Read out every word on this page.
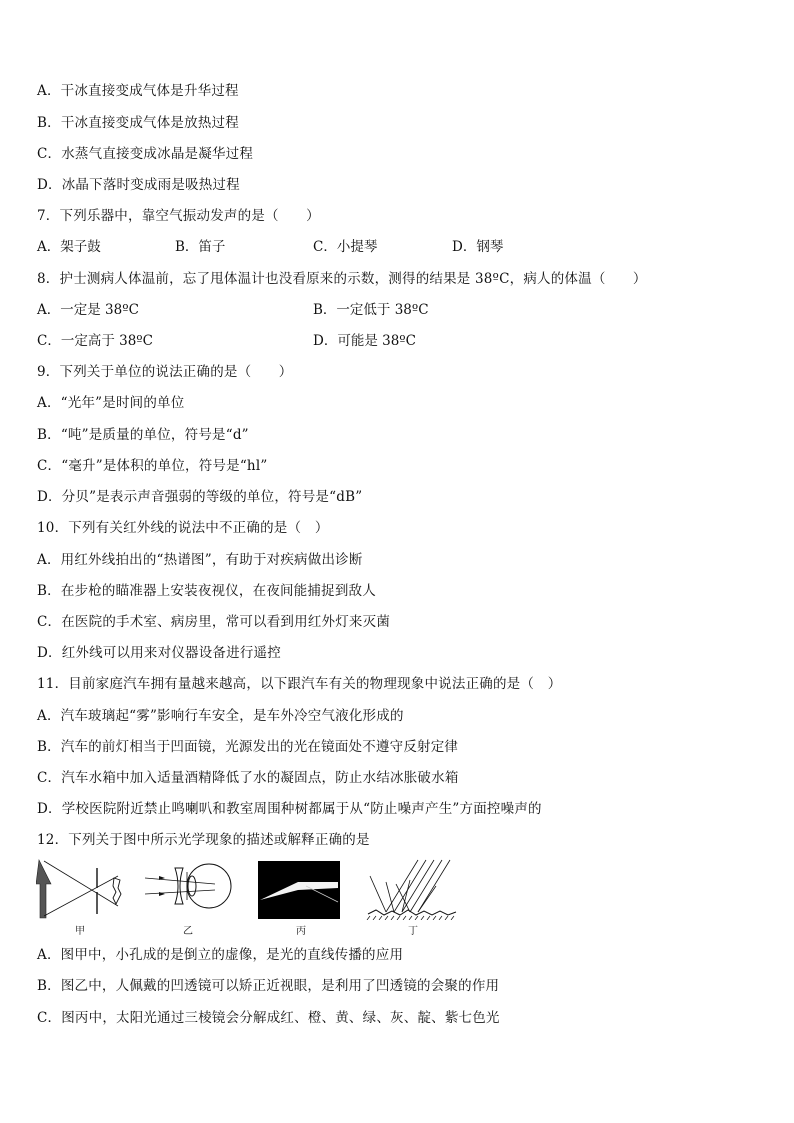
A．干冰直接变成气体是升华过程
B．干冰直接变成气体是放热过程
C．水蒸气直接变成冰晶是凝华过程
D．冰晶下落时变成雨是吸热过程
7．下列乐器中，靠空气振动发声的是（　　）
A．架子鼓	B．笛子	C．小提琴	D．钢琴
8．护士测病人体温前，忘了甩体温计也没看原来的示数，测得的结果是 38ºC，病人的体温（　　）
A．一定是 38ºC	B．一定低于 38ºC
C．一定高于 38ºC	D．可能是 38ºC
9．下列关于单位的说法正确的是（　　）
A．“光年”是时间的单位
B．“吨”是质量的单位，符号是“d”
C．“毫升”是体积的单位，符号是“hl”
D．分贝”是表示声音强弱的等级的单位，符号是“dB”
10．下列有关红外线的说法中不正确的是（　）
A．用红外线拍出的“热谱图”，有助于对疾病做出诊断
B．在步枪的瞄准器上安装夜视仪，在夜间能捕捉到敌人
C．在医院的手术室、病房里，常可以看到用红外灯来灭菌
D．红外线可以用来对仪器设备进行遥控
11．目前家庭汽车拥有量越来越高，以下跟汽车有关的物理现象中说法正确的是（　）
A．汽车玻璃起“雾”影响行车安全，是车外冷空气液化形成的
B．汽车的前灯相当于凹面镜，光源发出的光在镜面处不遵守反射定律
C．汽车水箱中加入适量酒精降低了水的凝固点，防止水结冰胀破水箱
D．学校医院附近禁止鸣喇叭和教室周围种树都属于从“防止噪声产生”方面控噪声的
12．下列关于图中所示光学现象的描述或解释正确的是
甲	乙	丙	丁
A．图甲中，小孔成的是倒立的虚像，是光的直线传播的应用
B．图乙中，人佩戴的凹透镜可以矫正近视眼，是利用了凹透镜的会聚的作用
C．图丙中，太阳光通过三棱镜会分解成红、橙、黄、绿、灰、靛、紫七色光
